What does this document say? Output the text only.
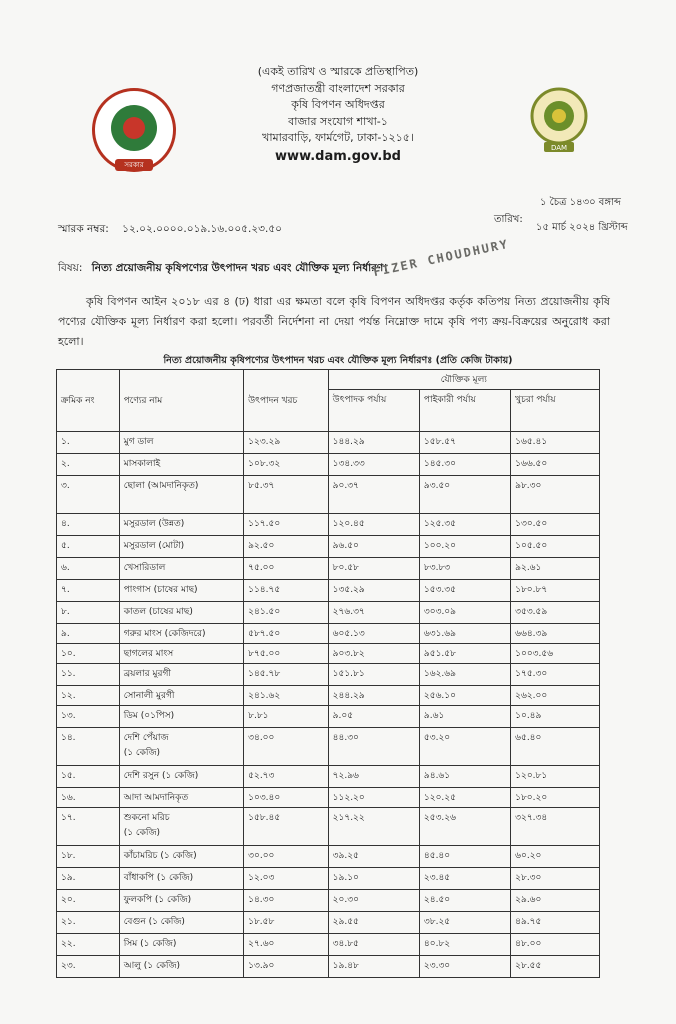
সরকার
DAM
(একই তারিখ ও স্মারকে প্রতিস্থাপিত)
গণপ্রজাতন্ত্রী বাংলাদেশ সরকার
কৃষি বিপণন অধিদপ্তর
বাজার সংযোগ শাখা-১
খামারবাড়ি, ফার্মগেট, ঢাকা-১২১৫।
www.dam.gov.bd
১ চৈত্র ১৪৩০ বঙ্গাব্দ
তারিখ:
১৫ মার্চ ২০২৪ খ্রিস্টাব্দ
স্মারক নম্বর: ১২.০২.০০০০.০১৯.১৬.০০৫.২৩.৫০
বিষয়: নিত্য প্রয়োজনীয় কৃষিপণ্যের উৎপাদন খরচ এবং যৌক্তিক মূল্য নির্ধারণ।
FIZER CHOUDHURY
কৃষি বিপণন আইন ২০১৮ এর ৪ (ঢ) ধারা এর ক্ষমতা বলে কৃষি বিপণন অধিদপ্তর কর্তৃক কতিপয় নিত্য প্রয়োজনীয় কৃষি পণ্যের যৌক্তিক মূল্য নির্ধারণ করা হলো। পরবর্তী নির্দেশনা না দেয়া পর্যন্ত নিম্নোক্ত দামে কৃষি পণ্য ক্রয়-বিক্রয়ের অনুরোধ করা হলো।
নিত্য প্রয়োজনীয় কৃষিপণ্যের উৎপাদন খরচ এবং যৌক্তিক মূল্য নির্ধারণঃ (প্রতি কেজি টাকায়)
ক্রমিক নং	পণ্যের নাম	উৎপাদন খরচ	যৌক্তিক মূল্য		
			উৎপাদক পর্যায়	পাইকারী পর্যায়	খুচরা পর্যায়
১.	মুগ ডাল	১২৩.২৯	১৪৪.২৯	১৫৮.৫৭	১৬৫.৪১
২.	মাসকালাই	১০৮.৩২	১৩৪.৩৩	১৪৫.৩০	১৬৬.৫০
৩.	ছোলা (আমদানিকৃত)	৮৫.৩৭	৯০.৩৭	৯৩.৫০	৯৮.৩০
৪.	মসুরডাল (উন্নত)	১১৭.৫০	১২০.৪৫	১২৫.৩৫	১৩০.৫০
৫.	মসুরডাল (মোটা)	৯২.৫০	৯৬.৫০	১০০.২০	১০৫.৫০
৬.	খেসারিডাল	৭৫.০০	৮০.৫৮	৮৩.৮৩	৯২.৬১
৭.	পাংগাস (চাষের মাছ)	১১৪.৭৫	১৩৫.২৯	১৫৩.৩৫	১৮০.৮৭
৮.	কাতল (চাষের মাছ)	২৪১.৫০	২৭৬.৩৭	৩০৩.০৯	৩৫৩.৫৯
৯.	গরুর মাংস (কেজিদরে)	৫৮৭.৫০	৬০৫.১৩	৬৩১.৬৯	৬৬৪.৩৯
১০.	ছাগলের মাংস	৮৭৫.০০	৯০৩.৮২	৯৫১.৫৮	১০০৩.৫৬
১১.	ব্রয়লার মুরগী	১৪৫.৭৮	১৫১.৮১	১৬২.৬৯	১৭৫.৩০
১২.	সোনালী মুরগী	২৪১.৬২	২৪৪.২৯	২৫৬.১০	২৬২.০০
১৩.	ডিম (০১পিস)	৮.৮১	৯.০৫	৯.৬১	১০.৪৯
১৪.	দেশি পেঁয়াজ
(১ কেজি)	৩৪.০০	৪৪.৩০	৫৩.২০	৬৫.৪০
১৫.	দেশি রসুন (১ কেজি)	৫২.৭৩	৭২.৯৬	৯৪.৬১	১২০.৮১
১৬.	আদা আমদানিকৃত	১০৩.৪০	১১২.২০	১২০.২৫	১৮০.২০
১৭.	শুকনো মরিচ
(১ কেজি)	১৫৮.৪৫	২১৭.২২	২৫৩.২৬	৩২৭.৩৪
১৮.	কাঁচামরিচ (১ কেজি)	৩০.০০	৩৯.২৫	৪৫.৪০	৬০.২০
১৯.	বাঁধাকপি (১ কেজি)	১২.০৩	১৯.১০	২৩.৪৫	২৮.৩০
২০.	ফুলকপি (১ কেজি)	১৪.৩০	২০.৩০	২৪.৫০	২৯.৬০
২১.	বেগুন (১ কেজি)	১৮.৫৮	২৯.৫৫	৩৮.২৫	৪৯.৭৫
২২.	সিম (১ কেজি)	২৭.৬০	৩৪.৮৫	৪০.৮২	৪৮.০০
২৩.	আলু (১ কেজি)	১৩.৯০	১৯.৪৮	২৩.৩০	২৮.৫৫
